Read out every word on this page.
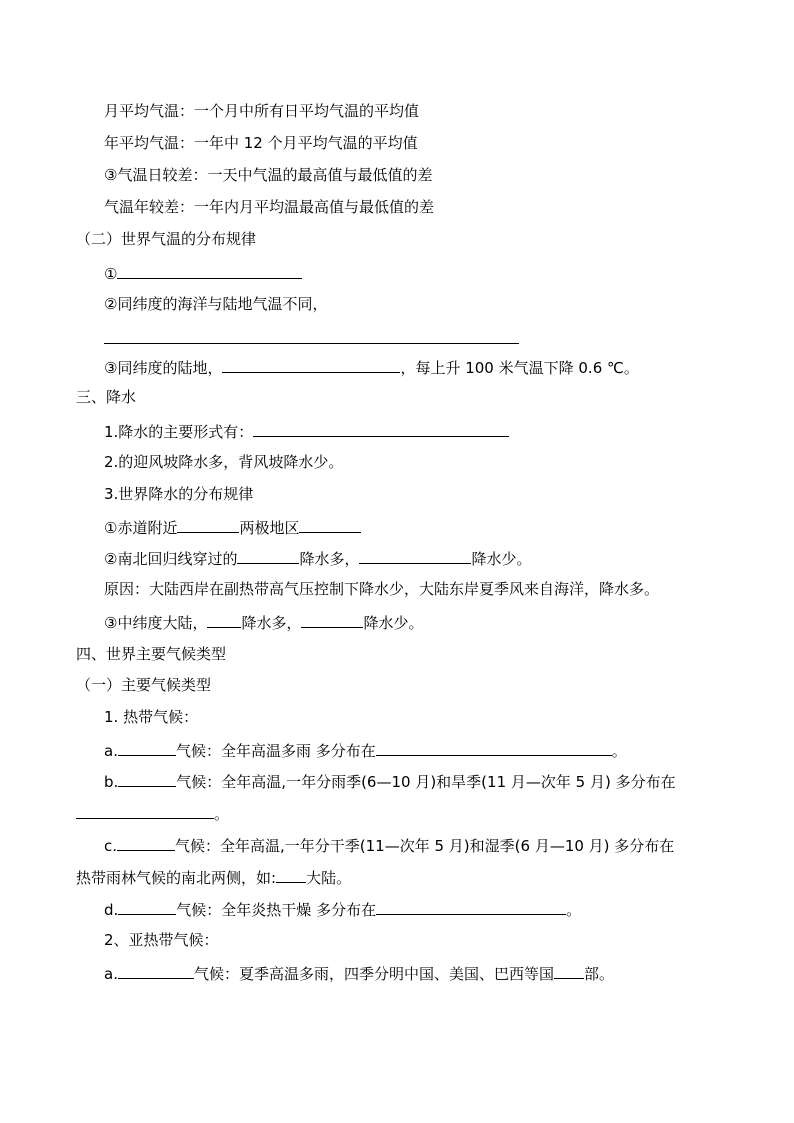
月平均气温：一个月中所有日平均气温的平均值
年平均气温：一年中 12 个月平均气温的平均值
③气温日较差：一天中气温的最高值与最低值的差
气温年较差：一年内月平均温最高值与最低值的差
（二）世界气温的分布规律
①
②同纬度的海洋与陆地气温不同，
③同纬度的陆地，	，每上升 100 米气温下降 0.6 ℃。
三、降水
1.降水的主要形式有：
2.的迎风坡降水多，背风坡降水少。
3.世界降水的分布规律
①赤道附近	两极地区
②南北回归线穿过的	降水多，	降水少。
原因：大陆西岸在副热带高气压控制下降水少，大陆东岸夏季风来自海洋，降水多。
③中纬度大陆， 降水多，	降水少。
四、世界主要气候类型
（一）主要气候类型
1. 热带气候：
a.	气候：全年高温多雨 多分布在	。
b.	气候：全年高温,一年分雨季(6—10 月)和旱季(11 月—次年 5 月) 多分布在
。
c.	气候：全年高温,一年分干季(11—次年 5 月)和湿季(6 月—10 月) 多分布在
热带雨林气候的南北两侧，如: 大陆。
d.	气候：全年炎热干燥 多分布在	。
2、亚热带气候：
a.	气候：夏季高温多雨，四季分明中国、美国、巴西等国 部。
